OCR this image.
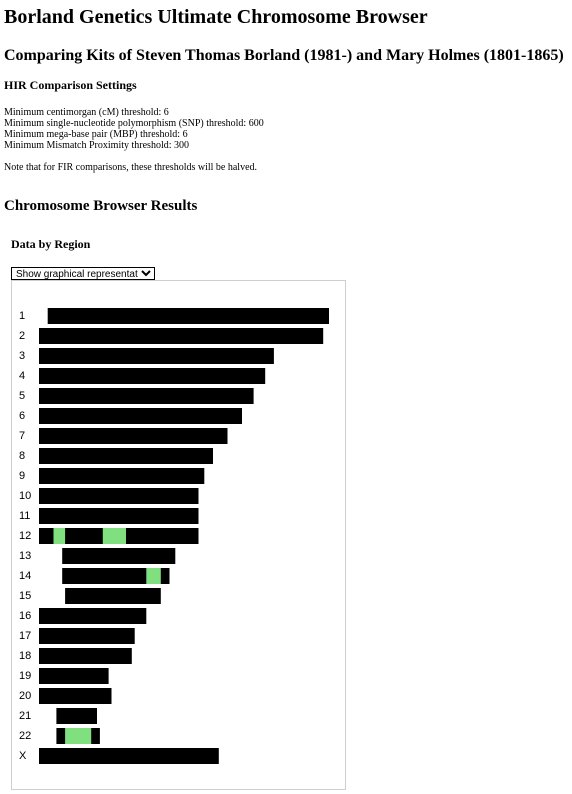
Borland Genetics Ultimate Chromosome Browser
Comparing Kits of Steven Thomas Borland (1981-) and Mary Holmes (1801-1865)
HIR Comparison Settings
Minimum centimorgan (cM) threshold: 6
Minimum single-nucleotide polymorphism (SNP) threshold: 600
Minimum mega-base pair (MBP) threshold: 6
Minimum Mismatch Proximity threshold: 300
Note that for FIR comparisons, these thresholds will be halved.
Chromosome Browser Results
Data by Region
Show graphical representation
1
2
3
4
5
6
7
8
9
10
11
12
13
14
15
16
17
18
19
20
21
22
X
